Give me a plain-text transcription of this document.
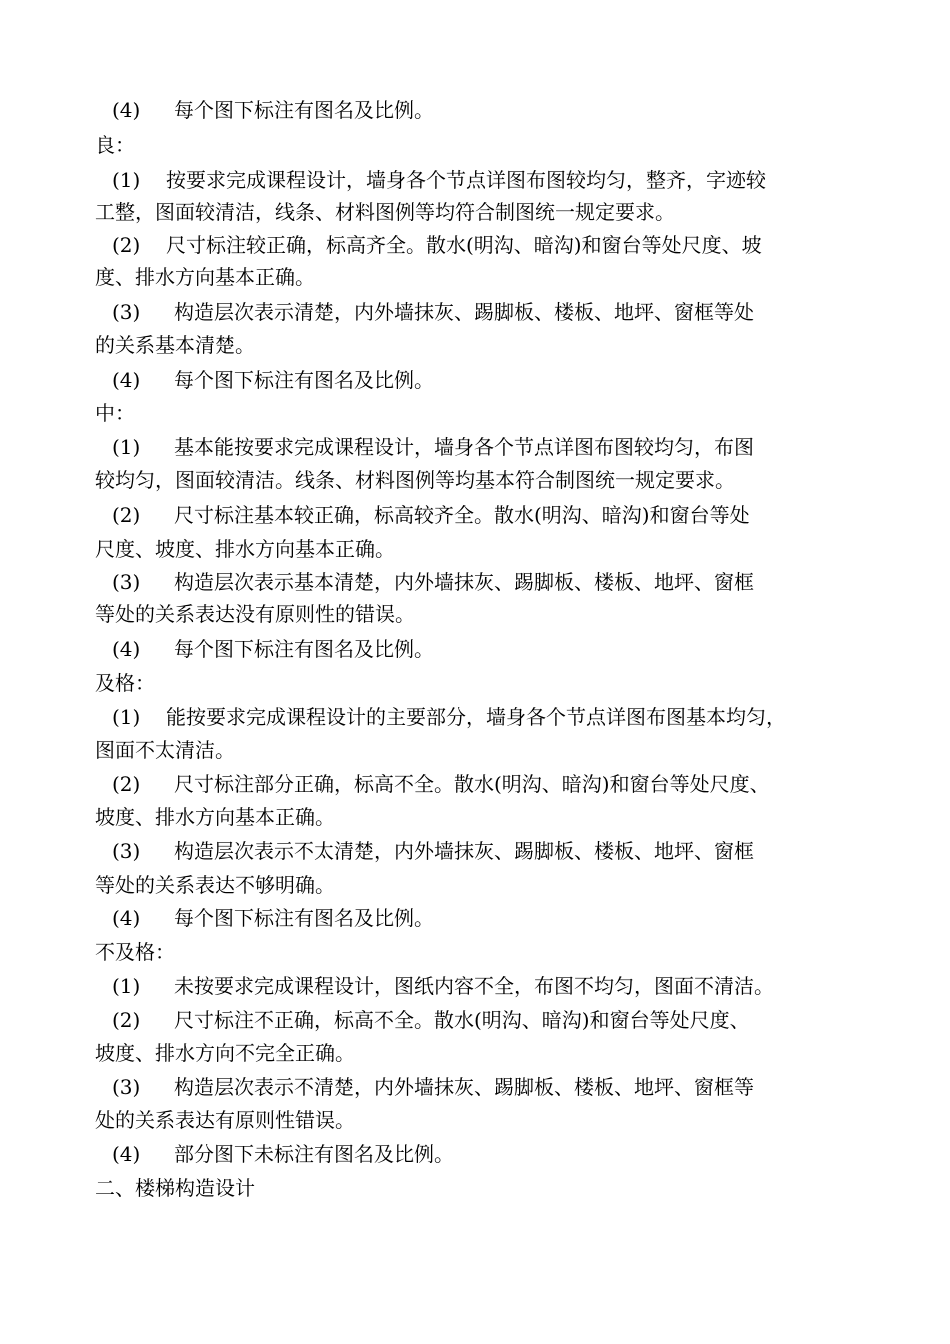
(4) 每个图下标注有图名及比例。
良：
(1) 按要求完成课程设计，墙身各个节点详图布图较均匀，整齐，字迹较
工整，图面较清洁，线条、材料图例等均符合制图统一规定要求。
(2) 尺寸标注较正确，标高齐全。散水(明沟、暗沟)和窗台等处尺度、坡
度、排水方向基本正确。
(3) 构造层次表示清楚，内外墙抹灰、踢脚板、楼板、地坪、窗框等处
的关系基本清楚。
(4) 每个图下标注有图名及比例。
中：
(1) 基本能按要求完成课程设计，墙身各个节点详图布图较均匀，布图
较均匀，图面较清洁。线条、材料图例等均基本符合制图统一规定要求。
(2) 尺寸标注基本较正确，标高较齐全。散水(明沟、暗沟)和窗台等处
尺度、坡度、排水方向基本正确。
(3) 构造层次表示基本清楚，内外墙抹灰、踢脚板、楼板、地坪、窗框
等处的关系表达没有原则性的错误。
(4) 每个图下标注有图名及比例。
及格：
(1) 能按要求完成课程设计的主要部分，墙身各个节点详图布图基本均匀，
图面不太清洁。
(2) 尺寸标注部分正确，标高不全。散水(明沟、暗沟)和窗台等处尺度、
坡度、排水方向基本正确。
(3) 构造层次表示不太清楚，内外墙抹灰、踢脚板、楼板、地坪、窗框
等处的关系表达不够明确。
(4) 每个图下标注有图名及比例。
不及格：
(1) 未按要求完成课程设计，图纸内容不全，布图不均匀，图面不清洁。
(2) 尺寸标注不正确，标高不全。散水(明沟、暗沟)和窗台等处尺度、
坡度、排水方向不完全正确。
(3) 构造层次表示不清楚，内外墙抹灰、踢脚板、楼板、地坪、窗框等
处的关系表达有原则性错误。
(4) 部分图下未标注有图名及比例。
二、楼梯构造设计
